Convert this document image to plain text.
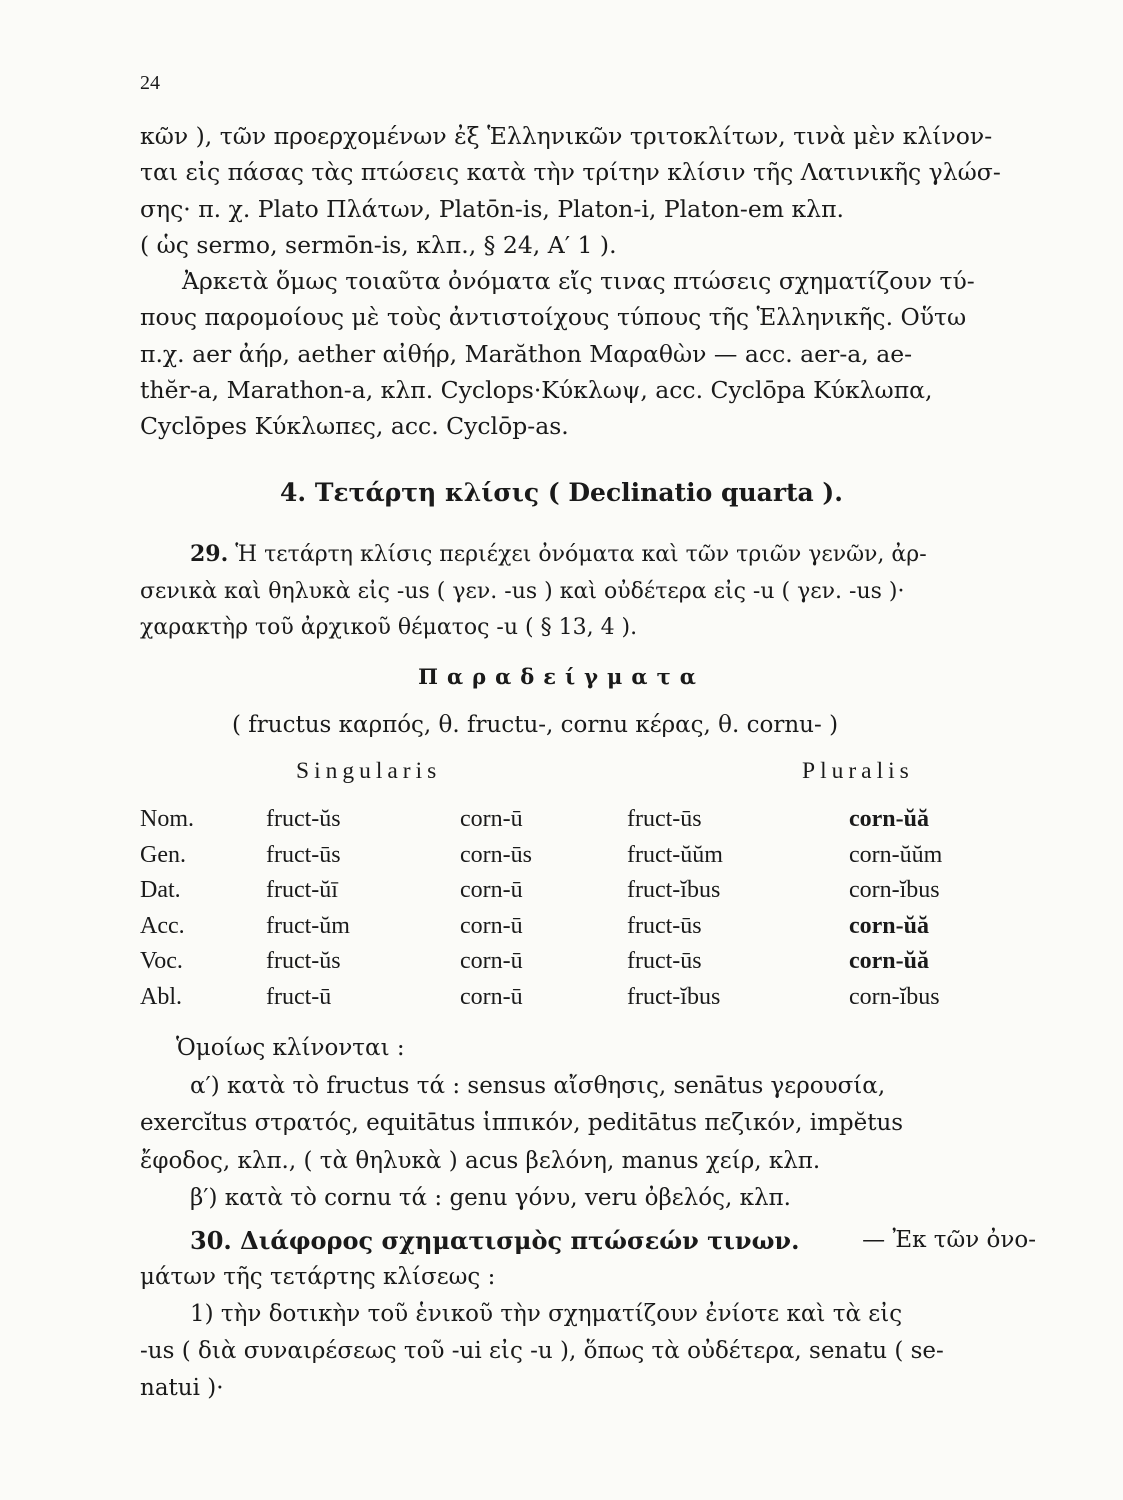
24
κῶν ), τῶν προερχομένων ἐξ Ἑλληνικῶν τριτοκλίτων, τινὰ μὲν κλίνον-
ται εἰς πάσας τὰς πτώσεις κατὰ τὴν τρίτην κλίσιν τῆς Λατινικῆς γλώσ-
σης· π. χ. Plato Πλάτων, Platōn-is, Platon-i, Platon-em κλπ.
( ὡς sermo, sermōn-is, κλπ., § 24, Α′ 1 ).
Ἀρκετὰ ὅμως τοιαῦτα ὀνόματα εἴς τινας πτώσεις σχηματίζουν τύ-
πους παρομοίους μὲ τοὺς ἀντιστοίχους τύπους τῆς Ἑλληνικῆς. Οὕτω
π.χ. aer ἀήρ, aether αἰθήρ, Marăthon Μαραθὼν — acc. aer-a, ae-
thĕr-a, Marathon-a, κλπ. Cyclops·Κύκλωψ, acc. Cyclōpa Κύκλωπα,
Cyclōpes Κύκλωπες, acc. Cyclōp-as.
4. Τετάρτη κλίσις ( Declinatio quarta ).
29. Ἡ τετάρτη κλίσις περιέχει ὀνόματα καὶ τῶν τριῶν γενῶν, ἀρ-
σενικὰ καὶ θηλυκὰ εἰς -us ( γεν. -us ) καὶ οὐδέτερα εἰς -u ( γεν. -us )·
χαρακτὴρ τοῦ ἀρχικοῦ θέματος -u ( § 13, 4 ).
Παραδείγματα
( fructus καρπός, θ. fructu-, cornu κέρας, θ. cornu- )
Singularis	Pluralis
Nom.	fruct-ŭs	corn-ū	fruct-ūs	corn-ŭă
Gen.	fruct-ūs	corn-ūs	fruct-ŭŭm	corn-ŭŭm
Dat.	fruct-ŭī	corn-ū	fruct-ĭbus	corn-ĭbus
Acc.	fruct-ŭm	corn-ū	fruct-ūs	corn-ŭă
Voc.	fruct-ŭs	corn-ū	fruct-ūs	corn-ŭă
Abl.	fruct-ū	corn-ū	fruct-ĭbus	corn-ĭbus
Ὁμοίως κλίνονται :
α′) κατὰ τὸ fructus τά : sensus αἴσθησις, senātus γερουσία,
exercĭtus στρατός, equitātus ἱππικόν, peditātus πεζικόν, impĕtus
ἔφοδος, κλπ., ( τὰ θηλυκὰ ) acus βελόνη, manus χείρ, κλπ.
β′) κατὰ τὸ cornu τά : genu γόνυ, veru ὀβελός, κλπ.
30. Διάφορος σχηματισμὸς πτώσεών τινων.	— Ἐκ τῶν ὀνο-
μάτων τῆς τετάρτης κλίσεως :
1) τὴν δοτικὴν τοῦ ἑνικοῦ τὴν σχηματίζουν ἐνίοτε καὶ τὰ εἰς
-us ( διὰ συναιρέσεως τοῦ -ui εἰς -u ), ὅπως τὰ οὐδέτερα, senatu ( se-
natui )·
